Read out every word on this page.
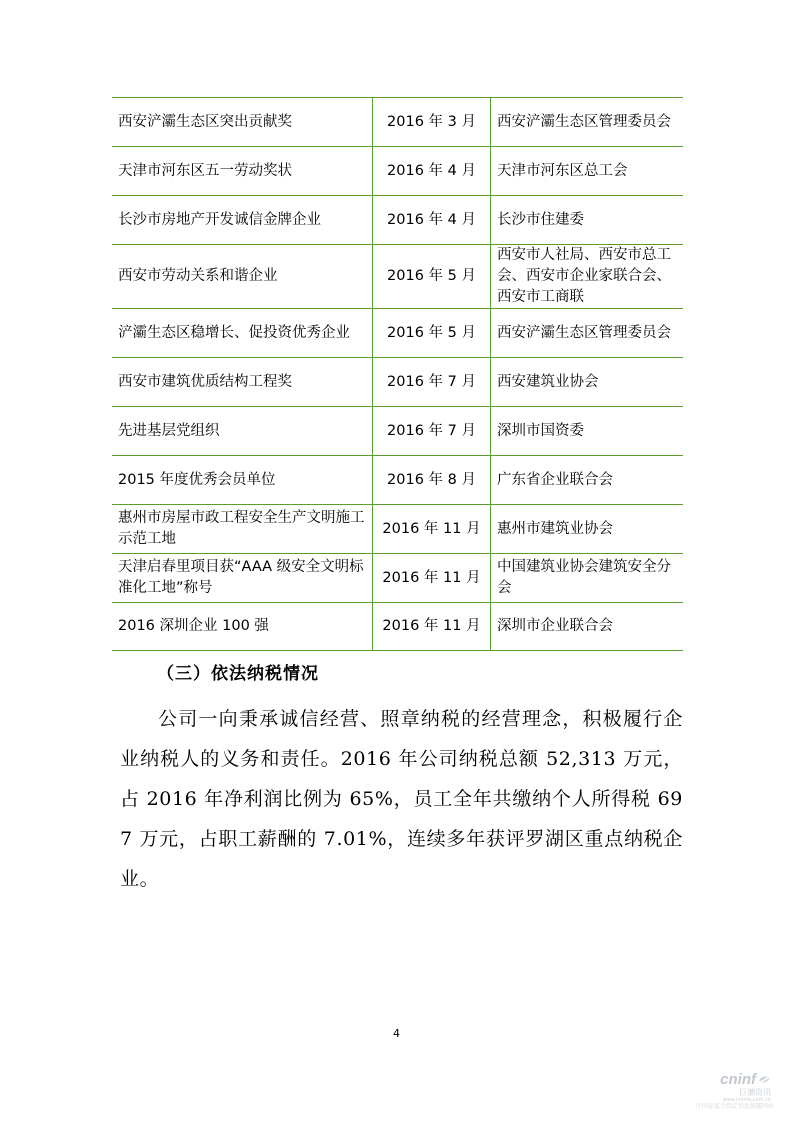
西安浐灞生态区突出贡献奖	2016 年 3 月	西安浐灞生态区管理委员会
天津市河东区五一劳动奖状	2016 年 4 月	天津市河东区总工会
长沙市房地产开发诚信金牌企业	2016 年 4 月	长沙市住建委
西安市劳动关系和谐企业	2016 年 5 月	西安市人社局、西安市总工会、西安市企业家联合会、西安市工商联
浐灞生态区稳增长、促投资优秀企业	2016 年 5 月	西安浐灞生态区管理委员会
西安市建筑优质结构工程奖	2016 年 7 月	西安建筑业协会
先进基层党组织	2016 年 7 月	深圳市国资委
2015 年度优秀会员单位	2016 年 8 月	广东省企业联合会
惠州市房屋市政工程安全生产文明施工示范工地	2016 年 11 月	惠州市建筑业协会
天津启春里项目获“AAA 级安全文明标准化工地”称号	2016 年 11 月	中国建筑业协会建筑安全分会
2016 深圳企业 100 强	2016 年 11 月	深圳市企业联合会
（三）依法纳税情况

公司一向秉承诚信经营、照章纳税的经营理念，积极履行企业纳税人的义务和责任。2016 年公司纳税总额 52,313 万元，占 2016 年净利润比例为 65%，员工全年共缴纳个人所得税 697 万元，占职工薪酬的 7.01%，连续多年获评罗湖区重点纳税企业。

4
cninf
巨潮资讯
www.cninfo.com.cn
中国证监会指定信息披露网站
